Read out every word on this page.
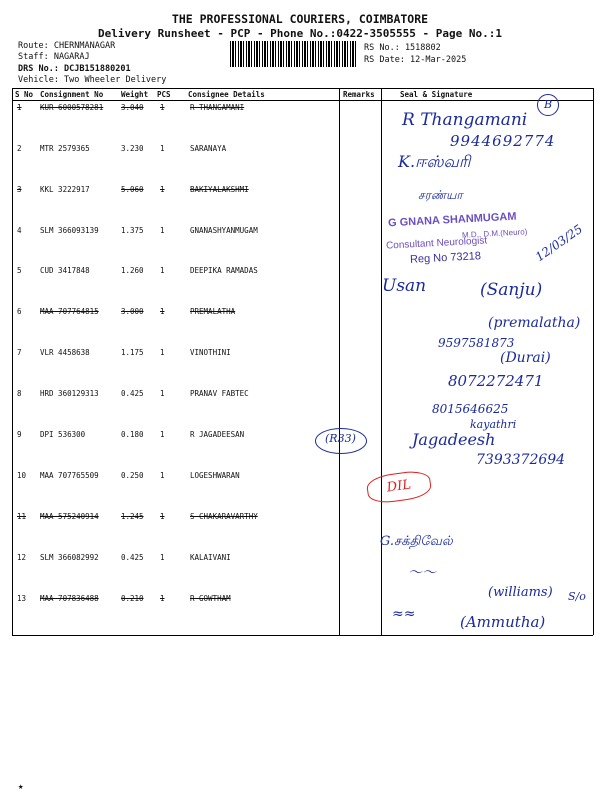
THE PROFESSIONAL COURIERS, COIMBATORE
Delivery Runsheet - PCP - Phone No.:0422-3505555 - Page No.:1
Route: CHERNMANAGAR
Staff: NAGARAJ
DRS No.: DCJB151880201
Vehicle: Two Wheeler Delivery
RS No.: 1518802
RS Date: 12-Mar-2025
S No Consignment No Weight PCS Consignee Details	Remarks	Seal & Signature
1 KUR 6000578281 3.040 1	R THANGAMANI
2 MTR 2579365	3.230 1	SARANAYA
3 KKL 3222917	5.060 1	BAKIYALAKSHMI
4 SLM 366093139	1.375 1	GNANASHYANMUGAM
5 CUD 3417848	1.260 1	DEEPIKA RAMADAS
6 MAA 707764815	3.000 1	PREMALATHA
7 VLR 4458638	1.175 1	VINOTHINI
8 HRD 360129313	0.425 1	PRANAV FABTEC
9 DPI 536300	0.180 1	R JAGADEESAN
10 MAA 707765509	0.250 1	LOGESHWARAN
11 MAA 575240914	1.245 1	S CHAKARAVARTHY
12 SLM 366082992	0.425 1	KALAIVANI
13 MAA 707836488	0.210 1	R GOWTHAM
R Thangamani
B
9944692774
K.ஈஸ்வரி
சரண்யா
G GNANA SHANMUGAM
M.D., D.M.(Neuro)
Consultant Neurologist
Reg No 73218	12/03/25
Usan	(Sanju)
(premalatha)
9597581873
(Durai)
8072272471
8015646625
kayathri
(R33)	Jagadeesh
7393372694
DIL
G.சக்திவேல்
～～
(williams) S/o
≈≈	(Ammutha)
★
